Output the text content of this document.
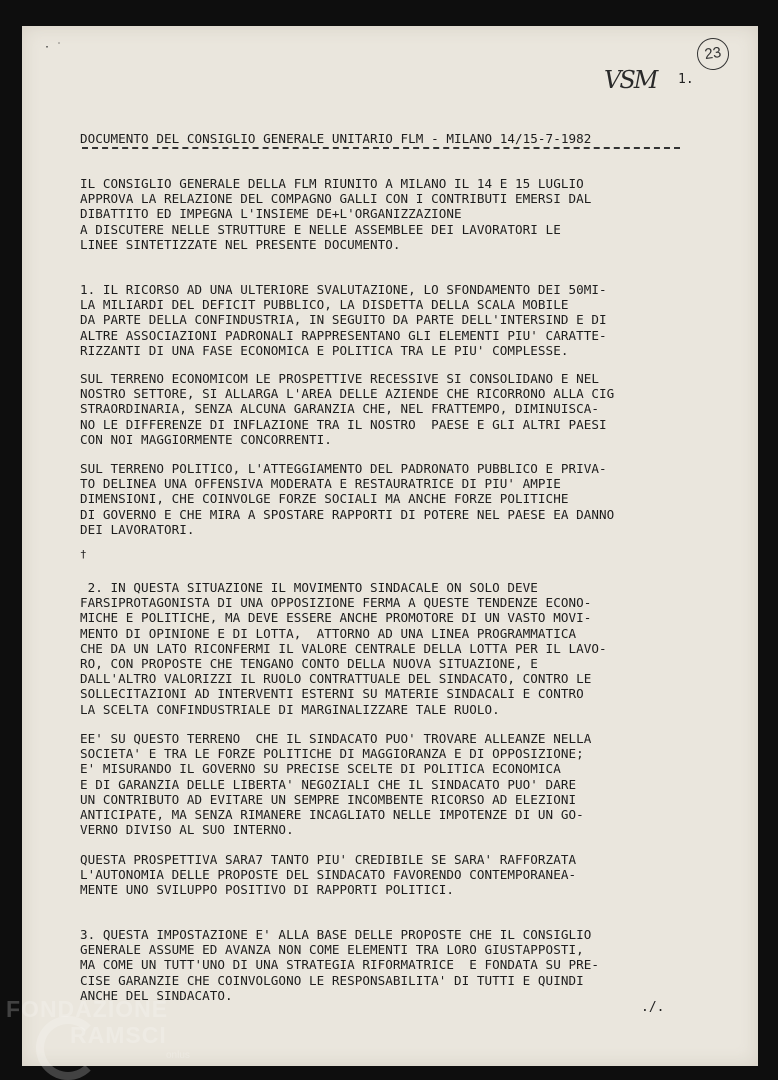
· ˙	23
VSM 1.

DOCUMENTO DEL CONSIGLIO GENERALE UNITARIO FLM - MILANO 14/15-7-1982

IL CONSIGLIO GENERALE DELLA FLM RIUNITO A MILANO IL 14 E 15 LUGLIO
APPROVA LA RELAZIONE DEL COMPAGNO GALLI CON I CONTRIBUTI EMERSI DAL
DIBATTITO ED IMPEGNA L'INSIEME DE+L'ORGANIZZAZIONE
A DISCUTERE NELLE STRUTTURE E NELLE ASSEMBLEE DEI LAVORATORI LE
LINEE SINTETIZZATE NEL PRESENTE DOCUMENTO.

1. IL RICORSO AD UNA ULTERIORE SVALUTAZIONE, LO SFONDAMENTO DEI 50MI-
LA MILIARDI DEL DEFICIT PUBBLICO, LA DISDETTA DELLA SCALA MOBILE
DA PARTE DELLA CONFINDUSTRIA, IN SEGUITO DA PARTE DELL'INTERSIND E DI
ALTRE ASSOCIAZIONI PADRONALI RAPPRESENTANO GLI ELEMENTI PIU' CARATTE-
RIZZANTI DI UNA FASE ECONOMICA E POLITICA TRA LE PIU' COMPLESSE.

SUL TERRENO ECONOMICOM LE PROSPETTIVE RECESSIVE SI CONSOLIDANO E NEL
NOSTRO SETTORE, SI ALLARGA L'AREA DELLE AZIENDE CHE RICORRONO ALLA CIG
STRAORDINARIA, SENZA ALCUNA GARANZIA CHE, NEL FRATTEMPO, DIMINUISCA-
NO LE DIFFERENZE DI INFLAZIONE TRA IL NOSTRO  PAESE E GLI ALTRI PAESI
CON NOI MAGGIORMENTE CONCORRENTI.

SUL TERRENO POLITICO, L'ATTEGGIAMENTO DEL PADRONATO PUBBLICO E PRIVA-
TO DELINEA UNA OFFENSIVA MODERATA E RESTAURATRICE DI PIU' AMPIE
DIMENSIONI, CHE COINVOLGE FORZE SOCIALI MA ANCHE FORZE POLITICHE
DI GOVERNO E CHE MIRA A SPOSTARE RAPPORTI DI POTERE NEL PAESE EA DANNO
DEI LAVORATORI.

†

2. IN QUESTA SITUAZIONE IL MOVIMENTO SINDACALE ON SOLO DEVE
FARSIPROTAGONISTA DI UNA OPPOSIZIONE FERMA A QUESTE TENDENZE ECONO-
MICHE E POLITICHE, MA DEVE ESSERE ANCHE PROMOTORE DI UN VASTO MOVI-
MENTO DI OPINIONE E DI LOTTA,  ATTORNO AD UNA LINEA PROGRAMMATICA
CHE DA UN LATO RICONFERMI IL VALORE CENTRALE DELLA LOTTA PER IL LAVO-
RO, CON PROPOSTE CHE TENGANO CONTO DELLA NUOVA SITUAZIONE, E
DALL'ALTRO VALORIZZI IL RUOLO CONTRATTUALE DEL SINDACATO, CONTRO LE
SOLLECITAZIONI AD INTERVENTI ESTERNI SU MATERIE SINDACALI E CONTRO
LA SCELTA CONFINDUSTRIALE DI MARGINALIZZARE TALE RUOLO.

EE' SU QUESTO TERRENO  CHE IL SINDACATO PUO' TROVARE ALLEANZE NELLA
SOCIETA' E TRA LE FORZE POLITICHE DI MAGGIORANZA E DI OPPOSIZIONE;
E' MISURANDO IL GOVERNO SU PRECISE SCELTE DI POLITICA ECONOMICA
E DI GARANZIA DELLE LIBERTA' NEGOZIALI CHE IL SINDACATO PUO' DARE
UN CONTRIBUTO AD EVITARE UN SEMPRE INCOMBENTE RICORSO AD ELEZIONI
ANTICIPATE, MA SENZA RIMANERE INCAGLIATO NELLE IMPOTENZE DI UN GO-
VERNO DIVISO AL SUO INTERNO.

QUESTA PROSPETTIVA SARA7 TANTO PIU' CREDIBILE SE SARA' RAFFORZATA
L'AUTONOMIA DELLE PROPOSTE DEL SINDACATO FAVORENDO CONTEMPORANEA-
MENTE UNO SVILUPPO POSITIVO DI RAPPORTI POLITICI.

3. QUESTA IMPOSTAZIONE E' ALLA BASE DELLE PROPOSTE CHE IL CONSIGLIO
GENERALE ASSUME ED AVANZA NON COME ELEMENTI TRA LORO GIUSTAPPOSTI,
MA COME UN TUTT'UNO DI UNA STRATEGIA RIFORMATRICE  E FONDATA SU PRE-
CISE GARANZIE CHE COINVOLGONO LE RESPONSABILITA' DI TUTTI E QUINDI
ANCHE DEL SINDACATO.

./.
FONDAZIONE
RAMSCI
onlus
